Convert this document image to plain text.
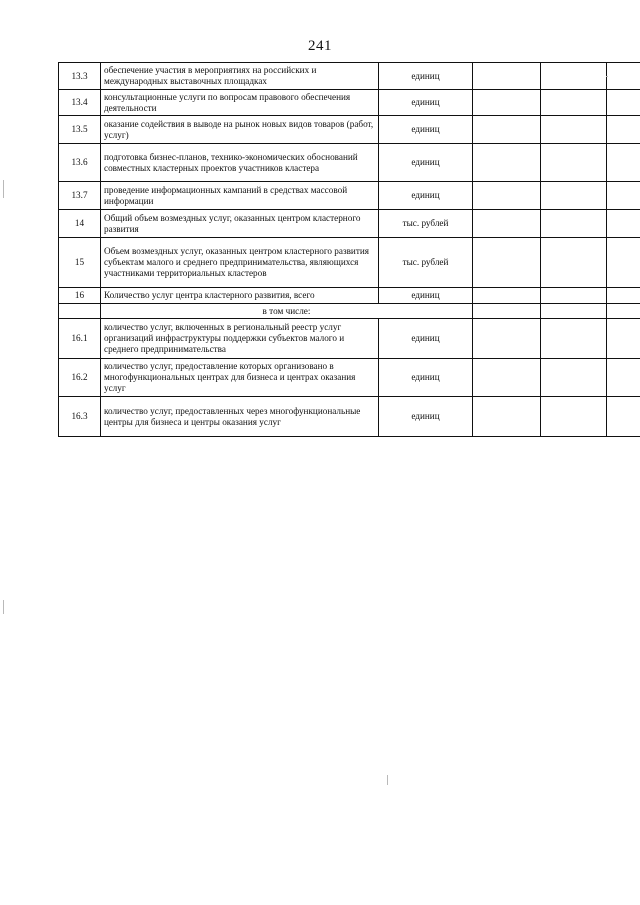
241
13.3	обеспечение участия в мероприятиях на российских и международных выставочных площадках	единиц			
13.4	консультационные услуги по вопросам правового обеспечения деятельности	единиц			
13.5	оказание содействия в выводе на рынок новых видов товаров (работ, услуг)	единиц			
13.6	подготовка бизнес-планов, технико-экономических обоснований совместных кластерных проектов участников кластера	единиц			
13.7	проведение информационных кампаний в средствах массовой информации	единиц			
14	Общий объем возмездных услуг, оказанных центром кластерного развития	тыс. рублей			
15	Объем возмездных услуг, оказанных центром кластерного развития субъектам малого и среднего предпринимательства, являющихся участниками территориальных кластеров	тыс. рублей			
16	Количество услуг центра кластерного развития, всего	единиц			
	в том числе:				
16.1	количество услуг, включенных в региональный реестр услуг организаций инфраструктуры поддержки субъектов малого и среднего предпринимательства	единиц			
16.2	количество услуг, предоставление которых организовано в многофункциональных центрах для бизнеса и центрах оказания услуг	единиц			
16.3	количество услуг, предоставленных через многофункциональные центры для бизнеса и центры оказания услуг	единиц			
